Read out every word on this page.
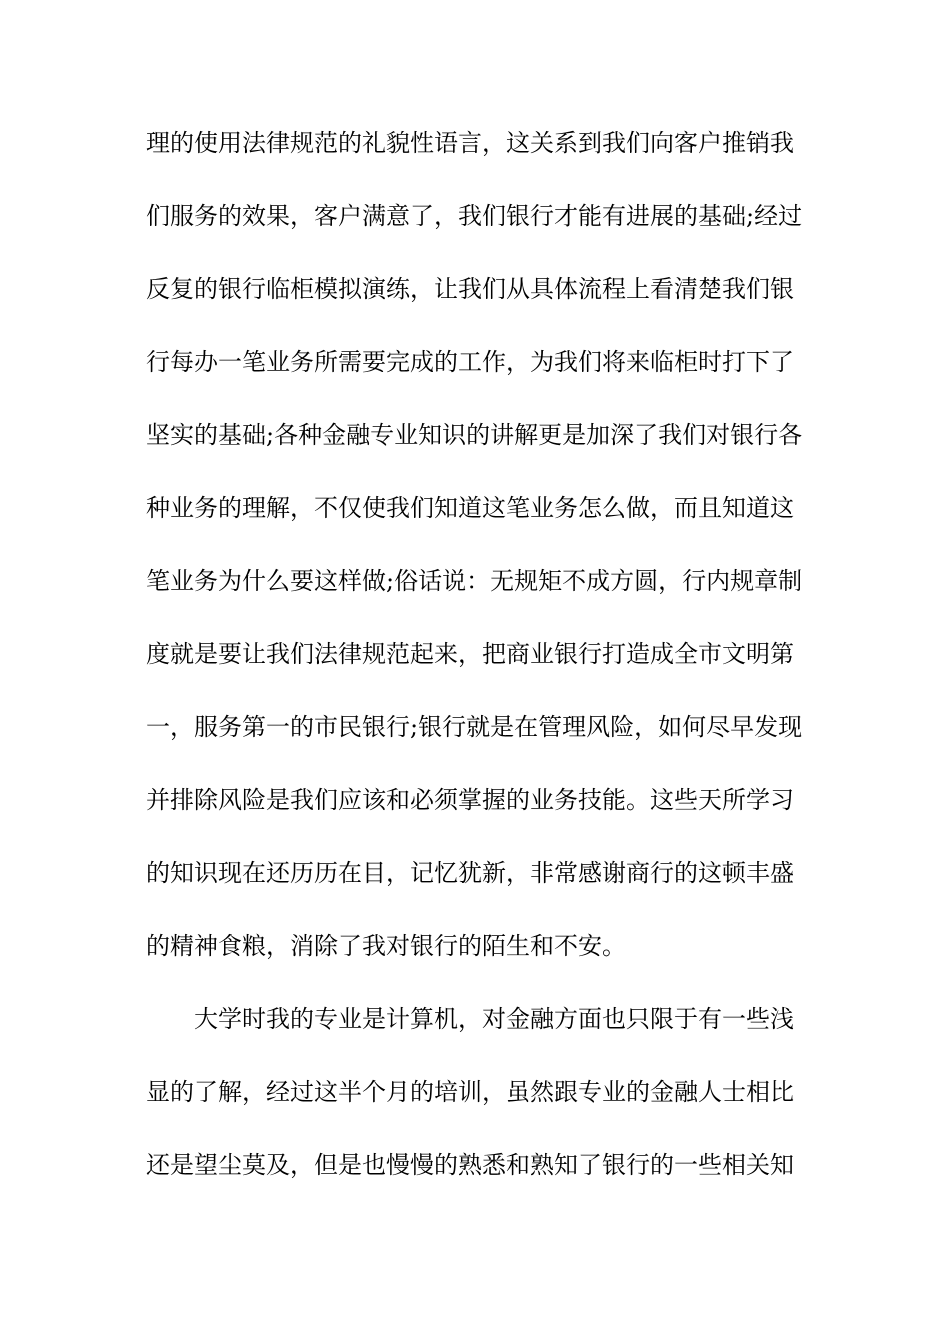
理的使用法律规范的礼貌性语言，这关系到我们向客户推销我
们服务的效果，客户满意了，我们银行才能有进展的基础;经过
反复的银行临柜模拟演练，让我们从具体流程上看清楚我们银
行每办一笔业务所需要完成的工作，为我们将来临柜时打下了
坚实的基础;各种金融专业知识的讲解更是加深了我们对银行各
种业务的理解，不仅使我们知道这笔业务怎么做，而且知道这
笔业务为什么要这样做;俗话说：无规矩不成方圆，行内规章制
度就是要让我们法律规范起来，把商业银行打造成全市文明第
一，服务第一的市民银行;银行就是在管理风险，如何尽早发现
并排除风险是我们应该和必须掌握的业务技能。这些天所学习
的知识现在还历历在目，记忆犹新，非常感谢商行的这顿丰盛
的精神食粮，消除了我对银行的陌生和不安。
大学时我的专业是计算机，对金融方面也只限于有一些浅
显的了解，经过这半个月的培训，虽然跟专业的金融人士相比
还是望尘莫及，但是也慢慢的熟悉和熟知了银行的一些相关知
